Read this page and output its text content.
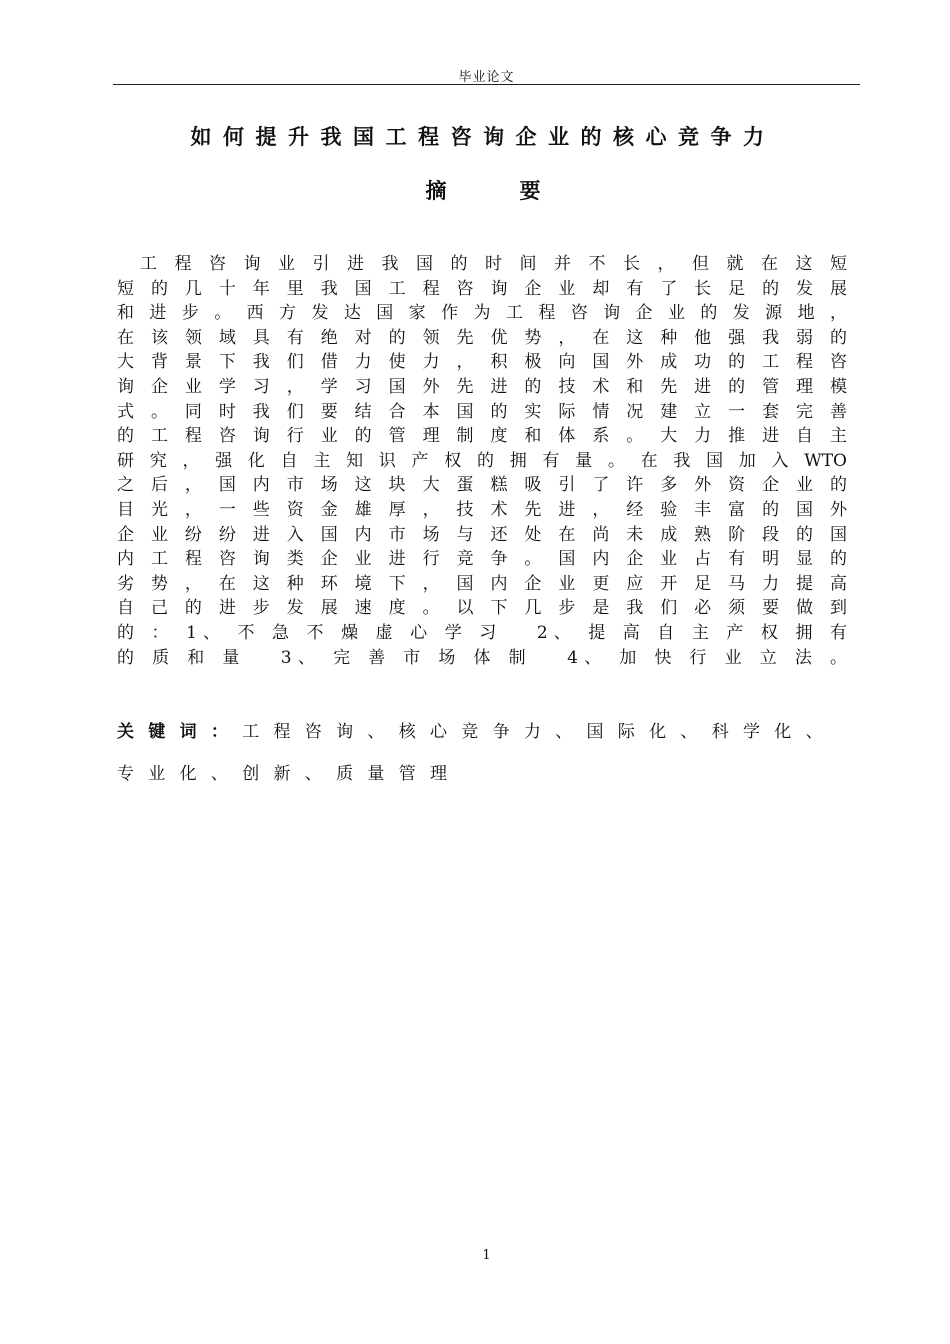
毕业论文
如何提升我国工程咨询企业的核心竞争力
摘要
　工 程 咨 询 业 引 进 我 国 的 时 间 并 不 长 ， 但 就 在 这 短
短 的 几 十 年 里 我 国 工 程 咨 询 企 业 却 有 了 长 足 的 发 展
和 进 步 。 西 方 发 达 国 家 作 为 工 程 咨 询 企 业 的 发 源 地 ，
在 该 领 域 具 有 绝 对 的 领 先 优 势 ， 在 这 种 他 强 我 弱 的
大 背 景 下 我 们 借 力 使 力 ， 积 极 向 国 外 成 功 的 工 程 咨
询 企 业 学 习 ， 学 习 国 外 先 进 的 技 术 和 先 进 的 管 理 模
式 。 同 时 我 们 要 结 合 本 国 的 实 际 情 况 建 立 一 套 完 善
的 工 程 咨 询 行 业 的 管 理 制 度 和 体 系 。 大 力 推 进 自 主
研 究 ， 强 化 自 主 知 识 产 权 的 拥 有 量 。 在 我 国 加 入 WTO
之 后 ， 国 内 市 场 这 块 大 蛋 糕 吸 引 了 许 多 外 资 企 业 的
目 光 ， 一 些 资 金 雄 厚 ， 技 术 先 进 ， 经 验 丰 富 的 国 外
企 业 纷 纷 进 入 国 内 市 场 与 还 处 在 尚 未 成 熟 阶 段 的 国
内 工 程 咨 询 类 企 业 进 行 竞 争 。 国 内 企 业 占 有 明 显 的
劣 势 ， 在 这 种 环 境 下 ， 国 内 企 业 更 应 开 足 马 力 提 高
自 己 的 进 步 发 展 速 度 。 以 下 几 步 是 我 们 必 须 要 做 到
的 ： 1、 不 急 不 燥 虚 心 学 习 　2、 提 高 自 主 产 权 拥 有 　
的 质 和 量 　3、 完 善 市 场 体 制 　4、 加 快 行 业 立 法 。
关键词：工程咨询、核心竞争力、国际化、科学化、
专业化、创新、质量管理
1
